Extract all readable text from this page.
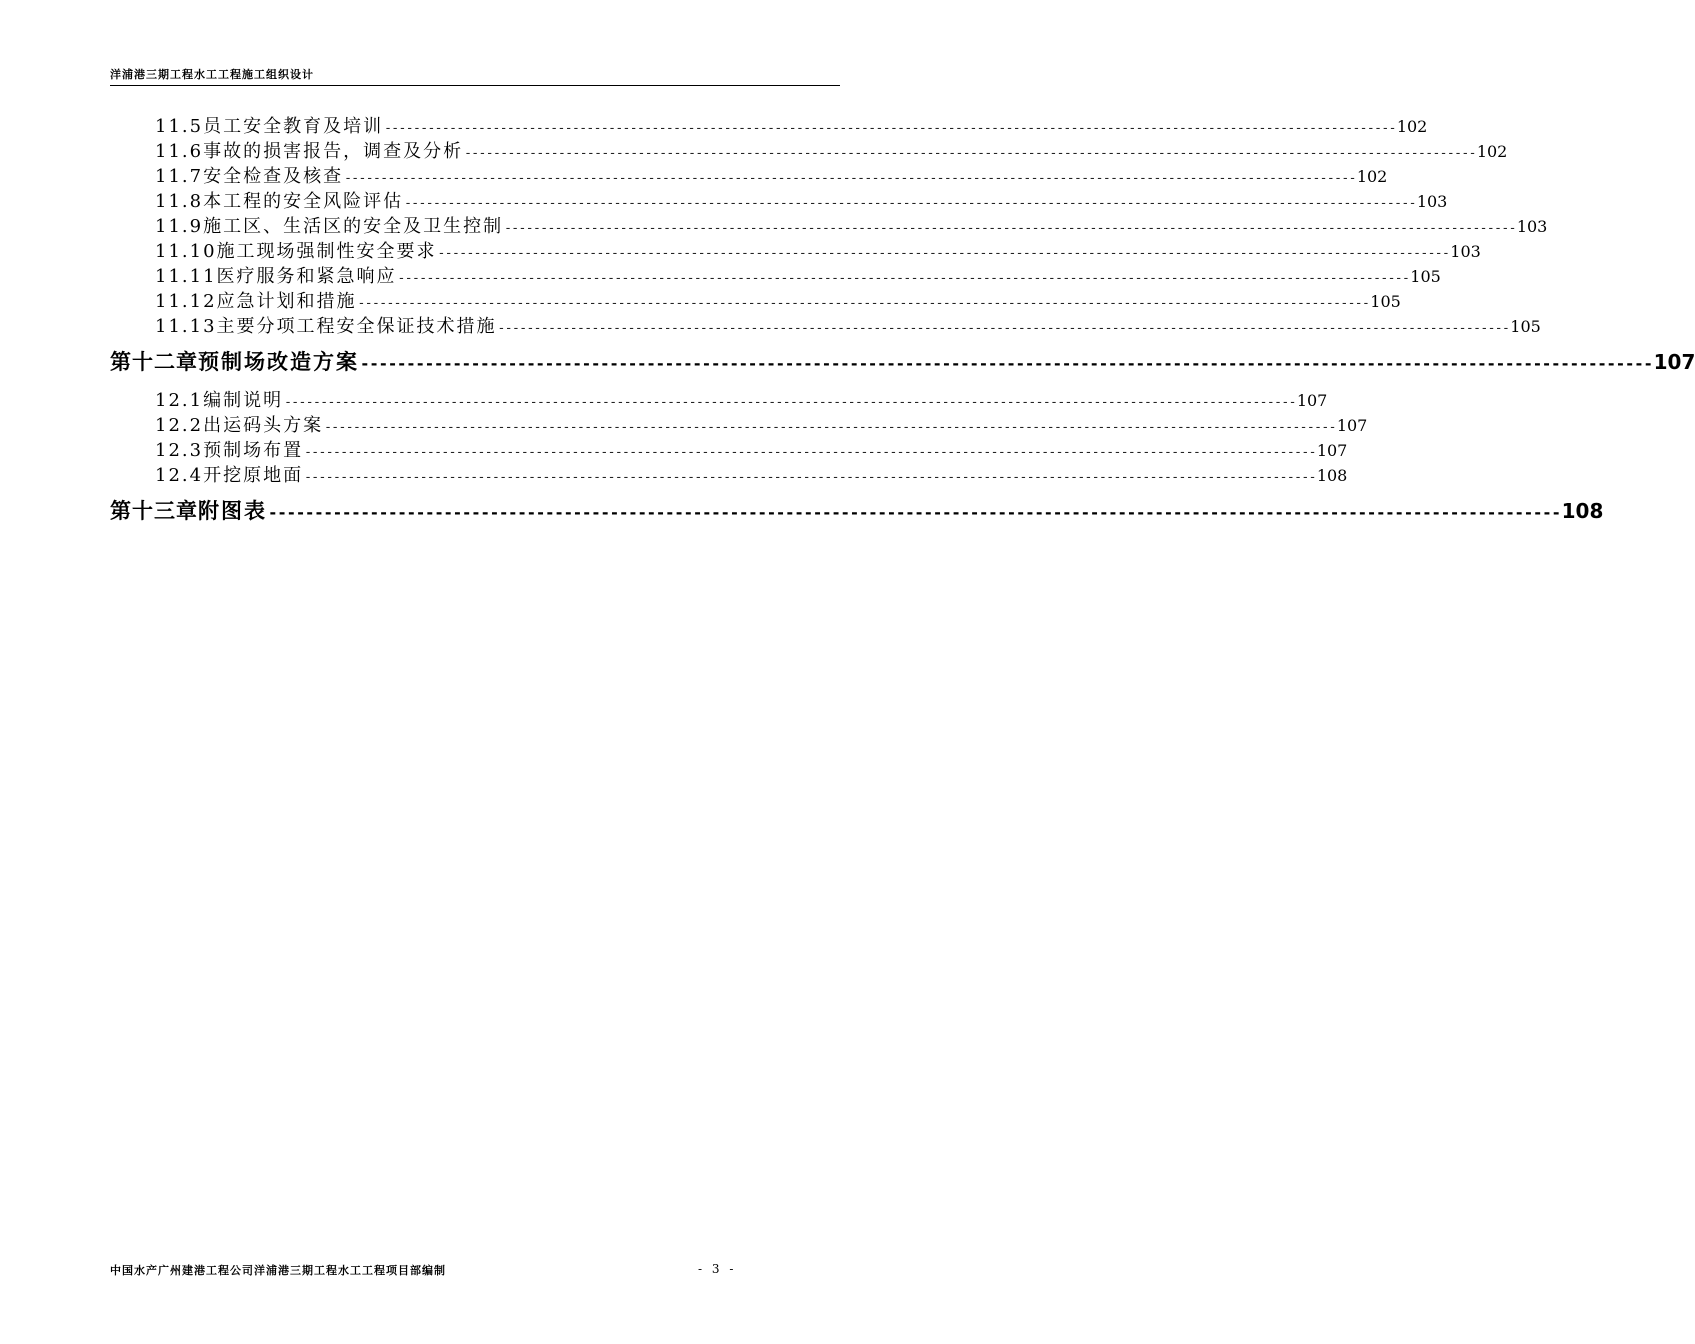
洋浦港三期工程水工工程施工组织设计
11.5 员工安全教育及培训 -------------------------------------------------------------------------------------------------------------------------------------------- 102
11.6 事故的损害报告，调查及分析 -------------------------------------------------------------------------------------------------------------------------------------------- 102
11.7 安全检查及核查 -------------------------------------------------------------------------------------------------------------------------------------------- 102
11.8 本工程的安全风险评估 -------------------------------------------------------------------------------------------------------------------------------------------- 103
11.9 施工区、生活区的安全及卫生控制 -------------------------------------------------------------------------------------------------------------------------------------------- 103
11.10 施工现场强制性安全要求 -------------------------------------------------------------------------------------------------------------------------------------------- 103
11.11 医疗服务和紧急响应 -------------------------------------------------------------------------------------------------------------------------------------------- 105
11.12 应急计划和措施 -------------------------------------------------------------------------------------------------------------------------------------------- 105
11.13 主要分项工程安全保证技术措施 -------------------------------------------------------------------------------------------------------------------------------------------- 105
第十二章 预制场改造方案 -------------------------------------------------------------------------------------------------------------------------------------------- 107
12.1 编制说明 -------------------------------------------------------------------------------------------------------------------------------------------- 107
12.2 出运码头方案 -------------------------------------------------------------------------------------------------------------------------------------------- 107
12.3 预制场布置 -------------------------------------------------------------------------------------------------------------------------------------------- 107
12.4 开挖原地面 -------------------------------------------------------------------------------------------------------------------------------------------- 108
第十三章 附图表 -------------------------------------------------------------------------------------------------------------------------------------------- 108
中国水产广州建港工程公司洋浦港三期工程水工工程项目部编制	- 3 -
